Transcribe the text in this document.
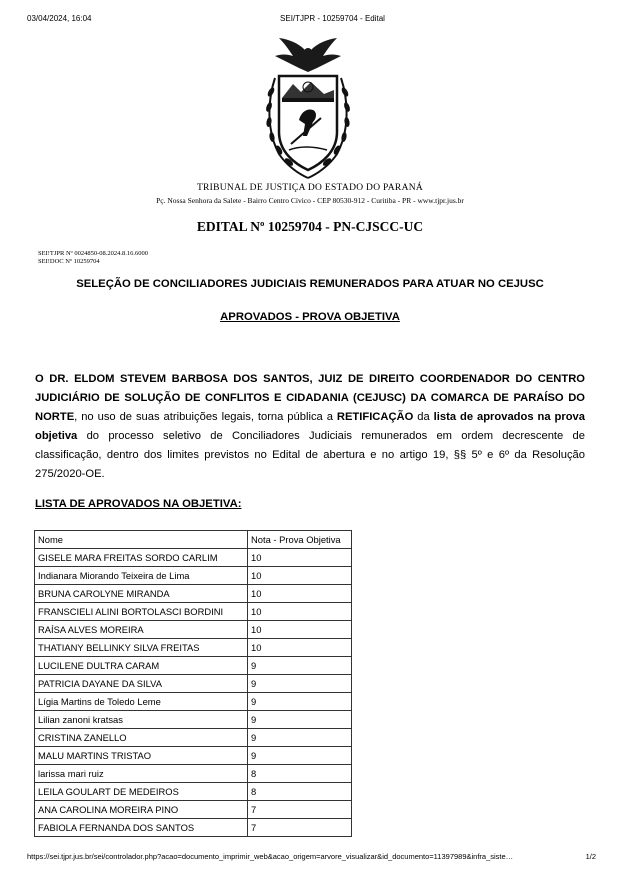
03/04/2024, 16:04	SEI/TJPR - 10259704 - Edital
TRIBUNAL DE JUSTIÇA DO ESTADO DO PARANÁ
Pç. Nossa Senhora da Salete - Bairro Centro Cívico - CEP 80530-912 - Curitiba - PR - www.tjpr.jus.br
EDITAL Nº 10259704 - PN-CJSCC-UC
SEI!TJPR Nº 0024850-08.2024.8.16.6000
SEI!DOC Nº 10259704
SELEÇÃO DE CONCILIADORES JUDICIAIS REMUNERADOS PARA ATUAR NO CEJUSC
APROVADOS - PROVA OBJETIVA
O DR. ELDOM STEVEM BARBOSA DOS SANTOS, JUIZ DE DIREITO COORDENADOR DO CENTRO JUDICIÁRIO DE SOLUÇÃO DE CONFLITOS E CIDADANIA (CEJUSC) DA COMARCA DE PARAÍSO DO NORTE, no uso de suas atribuições legais, torna pública a RETIFICAÇÃO da lista de aprovados na prova objetiva do processo seletivo de Conciliadores Judiciais remunerados em ordem decrescente de classificação, dentro dos limites previstos no Edital de abertura e no artigo 19, §§ 5º e 6º da Resolução 275/2020-OE.
LISTA DE APROVADOS NA OBJETIVA:
Nome	Nota - Prova Objetiva
GISELE MARA FREITAS SORDO CARLIM	10
Indianara Miorando Teixeira de Lima	10
BRUNA CAROLYNE MIRANDA	10
FRANSCIELI ALINI BORTOLASCI BORDINI	10
RAÍSA ALVES MOREIRA	10
THATIANY BELLINKY SILVA FREITAS	10
LUCILENE DULTRA CARAM	9
PATRICIA DAYANE DA SILVA	9
Lígia Martins de Toledo Leme	9
Lilian zanoni kratsas	9
CRISTINA ZANELLO	9
MALU MARTINS TRISTAO	9
larissa mari ruiz	8
LEILA GOULART DE MEDEIROS	8
ANA CAROLINA MOREIRA PINO	7
FABIOLA FERNANDA DOS SANTOS	7
https://sei.tjpr.jus.br/sei/controlador.php?acao=documento_imprimir_web&acao_origem=arvore_visualizar&id_documento=11397989&infra_siste…	1/2
